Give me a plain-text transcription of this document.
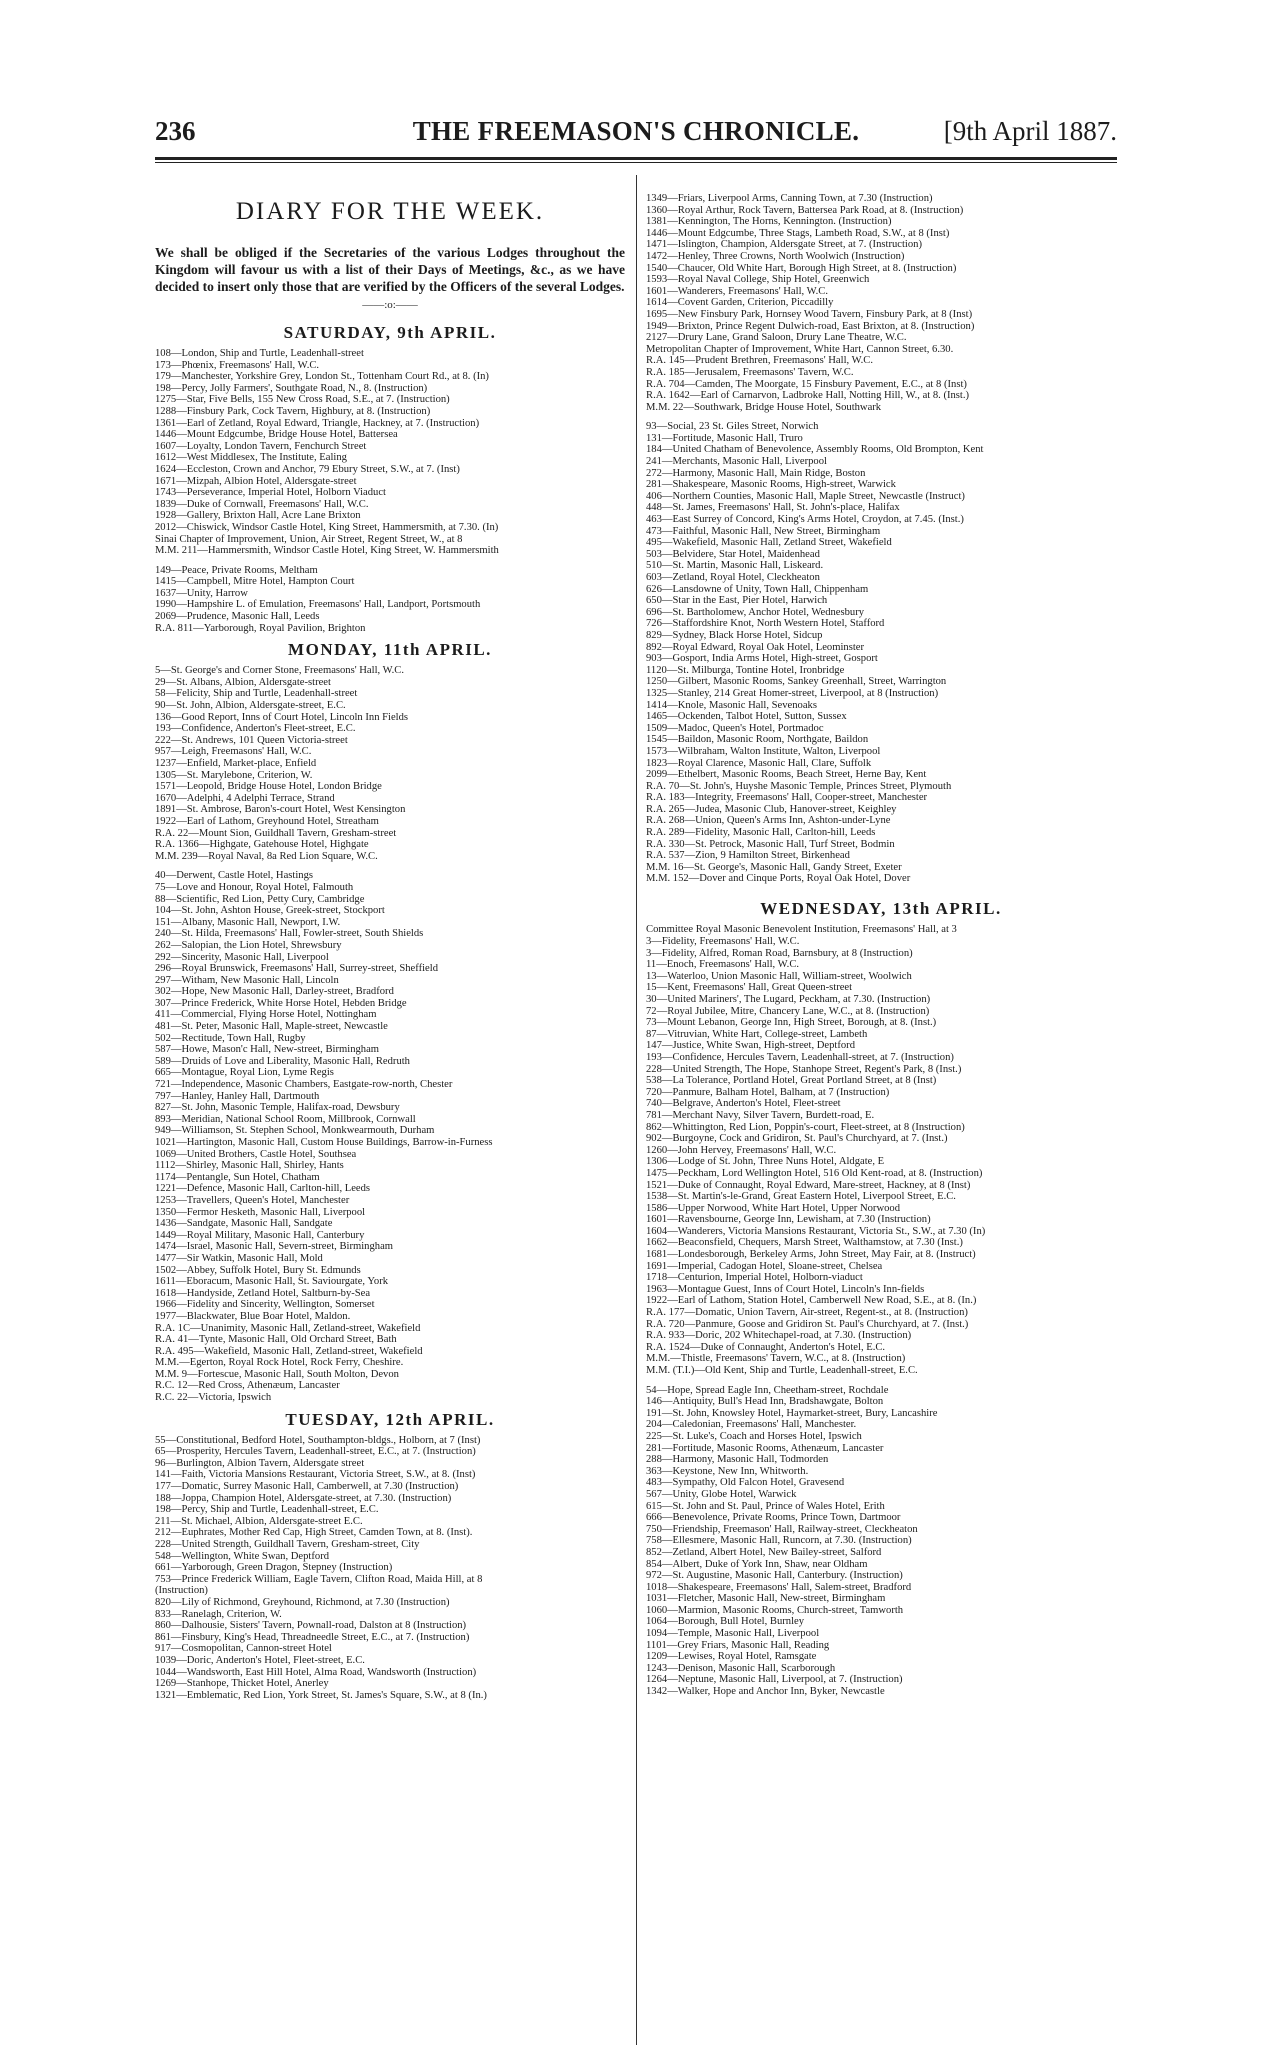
236	THE FREEMASON'S CHRONICLE.	[9th April 1887.
DIARY FOR THE WEEK.
We shall be obliged if the Secretaries of the various Lodges throughout the Kingdom will favour us with a list of their Days of Meetings, &c., as we have decided to insert only those that are verified by the Officers of the several Lodges.
——:o:——
SATURDAY, 9th APRIL.
108—London, Ship and Turtle, Leadenhall-street
173—Phœnix, Freemasons' Hall, W.C.
179—Manchester, Yorkshire Grey, London St., Tottenham Court Rd., at 8. (In)
198—Percy, Jolly Farmers', Southgate Road, N., 8. (Instruction)
1275—Star, Five Bells, 155 New Cross Road, S.E., at 7. (Instruction)
1288—Finsbury Park, Cock Tavern, Highbury, at 8. (Instruction)
1361—Earl of Zetland, Royal Edward, Triangle, Hackney, at 7. (Instruction)
1446—Mount Edgcumbe, Bridge House Hotel, Battersea
1607—Loyalty, London Tavern, Fenchurch Street
1612—West Middlesex, The Institute, Ealing
1624—Eccleston, Crown and Anchor, 79 Ebury Street, S.W., at 7. (Inst)
1671—Mizpah, Albion Hotel, Aldersgate-street
1743—Perseverance, Imperial Hotel, Holborn Viaduct
1839—Duke of Cornwall, Freemasons' Hall, W.C.
1928—Gallery, Brixton Hall, Acre Lane Brixton
2012—Chiswick, Windsor Castle Hotel, King Street, Hammersmith, at 7.30. (In)
Sinai Chapter of Improvement, Union, Air Street, Regent Street, W., at 8
M.M. 211—Hammersmith, Windsor Castle Hotel, King Street, W. Hammersmith
149—Peace, Private Rooms, Meltham
1415—Campbell, Mitre Hotel, Hampton Court
1637—Unity, Harrow
1990—Hampshire L. of Emulation, Freemasons' Hall, Landport, Portsmouth
2069—Prudence, Masonic Hall, Leeds
R.A. 811—Yarborough, Royal Pavilion, Brighton
MONDAY, 11th APRIL.
5—St. George's and Corner Stone, Freemasons' Hall, W.C.
29—St. Albans, Albion, Aldersgate-street
58—Felicity, Ship and Turtle, Leadenhall-street
90—St. John, Albion, Aldersgate-street, E.C.
136—Good Report, Inns of Court Hotel, Lincoln Inn Fields
193—Confidence, Anderton's Fleet-street, E.C.
222—St. Andrews, 101 Queen Victoria-street
957—Leigh, Freemasons' Hall, W.C.
1237—Enfield, Market-place, Enfield
1305—St. Marylebone, Criterion, W.
1571—Leopold, Bridge House Hotel, London Bridge
1670—Adelphi, 4 Adelphi Terrace, Strand
1891—St. Ambrose, Baron's-court Hotel, West Kensington
1922—Earl of Lathom, Greyhound Hotel, Streatham
R.A. 22—Mount Sion, Guildhall Tavern, Gresham-street
R.A. 1366—Highgate, Gatehouse Hotel, Highgate
M.M. 239—Royal Naval, 8a Red Lion Square, W.C.
40—Derwent, Castle Hotel, Hastings
75—Love and Honour, Royal Hotel, Falmouth
88—Scientific, Red Lion, Petty Cury, Cambridge
104—St. John, Ashton House, Greek-street, Stockport
151—Albany, Masonic Hall, Newport, I.W.
240—St. Hilda, Freemasons' Hall, Fowler-street, South Shields
262—Salopian, the Lion Hotel, Shrewsbury
292—Sincerity, Masonic Hall, Liverpool
296—Royal Brunswick, Freemasons' Hall, Surrey-street, Sheffield
297—Witham, New Masonic Hall, Lincoln
302—Hope, New Masonic Hall, Darley-street, Bradford
307—Prince Frederick, White Horse Hotel, Hebden Bridge
411—Commercial, Flying Horse Hotel, Nottingham
481—St. Peter, Masonic Hall, Maple-street, Newcastle
502—Rectitude, Town Hall, Rugby
587—Howe, Mason'c Hall, New-street, Birmingham
589—Druids of Love and Liberality, Masonic Hall, Redruth
665—Montague, Royal Lion, Lyme Regis
721—Independence, Masonic Chambers, Eastgate-row-north, Chester
797—Hanley, Hanley Hall, Dartmouth
827—St. John, Masonic Temple, Halifax-road, Dewsbury
893—Meridian, National School Room, Millbrook, Cornwall
949—Williamson, St. Stephen School, Monkwearmouth, Durham
1021—Hartington, Masonic Hall, Custom House Buildings, Barrow-in-Furness
1069—United Brothers, Castle Hotel, Southsea
1112—Shirley, Masonic Hall, Shirley, Hants
1174—Pentangle, Sun Hotel, Chatham
1221—Defence, Masonic Hall, Carlton-hill, Leeds
1253—Travellers, Queen's Hotel, Manchester
1350—Fermor Hesketh, Masonic Hall, Liverpool
1436—Sandgate, Masonic Hall, Sandgate
1449—Royal Military, Masonic Hall, Canterbury
1474—Israel, Masonic Hall, Severn-street, Birmingham
1477—Sir Watkin, Masonic Hall, Mold
1502—Abbey, Suffolk Hotel, Bury St. Edmunds
1611—Eboracum, Masonic Hall, St. Saviourgate, York
1618—Handyside, Zetland Hotel, Saltburn-by-Sea
1966—Fidelity and Sincerity, Wellington, Somerset
1977—Blackwater, Blue Boar Hotel, Maldon.
R.A. 1C—Unanimity, Masonic Hall, Zetland-street, Wakefield
R.A. 41—Tynte, Masonic Hall, Old Orchard Street, Bath
R.A. 495—Wakefield, Masonic Hall, Zetland-street, Wakefield
M.M.—Egerton, Royal Rock Hotel, Rock Ferry, Cheshire.
M.M. 9—Fortescue, Masonic Hall, South Molton, Devon
R.C. 12—Red Cross, Athenæum, Lancaster
R.C. 22—Victoria, Ipswich
TUESDAY, 12th APRIL.
55—Constitutional, Bedford Hotel, Southampton-bldgs., Holborn, at 7 (Inst)
65—Prosperity, Hercules Tavern, Leadenhall-street, E.C., at 7. (Instruction)
96—Burlington, Albion Tavern, Aldersgate street
141—Faith, Victoria Mansions Restaurant, Victoria Street, S.W., at 8. (Inst)
177—Domatic, Surrey Masonic Hall, Camberwell, at 7.30 (Instruction)
188—Joppa, Champion Hotel, Aldersgate-street, at 7.30. (Instruction)
198—Percy, Ship and Turtle, Leadenhall-street, E.C.
211—St. Michael, Albion, Aldersgate-street E.C.
212—Euphrates, Mother Red Cap, High Street, Camden Town, at 8. (Inst).
228—United Strength, Guildhall Tavern, Gresham-street, City
548—Wellington, White Swan, Deptford
661—Yarborough, Green Dragon, Stepney (Instruction)
753—Prince Frederick William, Eagle Tavern, Clifton Road, Maida Hill, at 8
(Instruction)
820—Lily of Richmond, Greyhound, Richmond, at 7.30 (Instruction)
833—Ranelagh, Criterion, W.
860—Dalhousie, Sisters' Tavern, Pownall-road, Dalston at 8 (Instruction)
861—Finsbury, King's Head, Threadneedle Street, E.C., at 7. (Instruction)
917—Cosmopolitan, Cannon-street Hotel
1039—Doric, Anderton's Hotel, Fleet-street, E.C.
1044—Wandsworth, East Hill Hotel, Alma Road, Wandsworth (Instruction)
1269—Stanhope, Thicket Hotel, Anerley
1321—Emblematic, Red Lion, York Street, St. James's Square, S.W., at 8 (In.)
1349—Friars, Liverpool Arms, Canning Town, at 7.30 (Instruction)
1360—Royal Arthur, Rock Tavern, Battersea Park Road, at 8. (Instruction)
1381—Kennington, The Horns, Kennington. (Instruction)
1446—Mount Edgcumbe, Three Stags, Lambeth Road, S.W., at 8 (Inst)
1471—Islington, Champion, Aldersgate Street, at 7. (Instruction)
1472—Henley, Three Crowns, North Woolwich (Instruction)
1540—Chaucer, Old White Hart, Borough High Street, at 8. (Instruction)
1593—Royal Naval College, Ship Hotel, Greenwich
1601—Wanderers, Freemasons' Hall, W.C.
1614—Covent Garden, Criterion, Piccadilly
1695—New Finsbury Park, Hornsey Wood Tavern, Finsbury Park, at 8 (Inst)
1949—Brixton, Prince Regent Dulwich-road, East Brixton, at 8. (Instruction)
2127—Drury Lane, Grand Saloon, Drury Lane Theatre, W.C.
Metropolitan Chapter of Improvement, White Hart, Cannon Street, 6.30.
R.A. 145—Prudent Brethren, Freemasons' Hall, W.C.
R.A. 185—Jerusalem, Freemasons' Tavern, W.C.
R.A. 704—Camden, The Moorgate, 15 Finsbury Pavement, E.C., at 8 (Inst)
R.A. 1642—Earl of Carnarvon, Ladbroke Hall, Notting Hill, W., at 8. (Inst.)
M.M. 22—Southwark, Bridge House Hotel, Southwark
93—Social, 23 St. Giles Street, Norwich
131—Fortitude, Masonic Hall, Truro
184—United Chatham of Benevolence, Assembly Rooms, Old Brompton, Kent
241—Merchants, Masonic Hall, Liverpool
272—Harmony, Masonic Hall, Main Ridge, Boston
281—Shakespeare, Masonic Rooms, High-street, Warwick
406—Northern Counties, Masonic Hall, Maple Street, Newcastle (Instruct)
448—St. James, Freemasons' Hall, St. John's-place, Halifax
463—East Surrey of Concord, King's Arms Hotel, Croydon, at 7.45. (Inst.)
473—Faithful, Masonic Hall, New Street, Birmingham
495—Wakefield, Masonic Hall, Zetland Street, Wakefield
503—Belvidere, Star Hotel, Maidenhead
510—St. Martin, Masonic Hall, Liskeard.
603—Zetland, Royal Hotel, Cleckheaton
626—Lansdowne of Unity, Town Hall, Chippenham
650—Star in the East, Pier Hotel, Harwich
696—St. Bartholomew, Anchor Hotel, Wednesbury
726—Staffordshire Knot, North Western Hotel, Stafford
829—Sydney, Black Horse Hotel, Sidcup
892—Royal Edward, Royal Oak Hotel, Leominster
903—Gosport, India Arms Hotel, High-street, Gosport
1120—St. Milburga, Tontine Hotel, Ironbridge
1250—Gilbert, Masonic Rooms, Sankey Greenhall, Street, Warrington
1325—Stanley, 214 Great Homer-street, Liverpool, at 8 (Instruction)
1414—Knole, Masonic Hall, Sevenoaks
1465—Ockenden, Talbot Hotel, Sutton, Sussex
1509—Madoc, Queen's Hotel, Portmadoc
1545—Baildon, Masonic Room, Northgate, Baildon
1573—Wilbraham, Walton Institute, Walton, Liverpool
1823—Royal Clarence, Masonic Hall, Clare, Suffolk
2099—Ethelbert, Masonic Rooms, Beach Street, Herne Bay, Kent
R.A. 70—St. John's, Huyshe Masonic Temple, Princes Street, Plymouth
R.A. 183—Integrity, Freemasons' Hall, Cooper-street, Manchester
R.A. 265—Judea, Masonic Club, Hanover-street, Keighley
R.A. 268—Union, Queen's Arms Inn, Ashton-under-Lyne
R.A. 289—Fidelity, Masonic Hall, Carlton-hill, Leeds
R.A. 330—St. Petrock, Masonic Hall, Turf Street, Bodmin
R.A. 537—Zion, 9 Hamilton Street, Birkenhead
M.M. 16—St. George's, Masonic Hall, Gandy Street, Exeter
M.M. 152—Dover and Cinque Ports, Royal Oak Hotel, Dover
WEDNESDAY, 13th APRIL.
Committee Royal Masonic Benevolent Institution, Freemasons' Hall, at 3
3—Fidelity, Freemasons' Hall, W.C.
3—Fidelity, Alfred, Roman Road, Barnsbury, at 8 (Instruction)
11—Enoch, Freemasons' Hall, W.C.
13—Waterloo, Union Masonic Hall, William-street, Woolwich
15—Kent, Freemasons' Hall, Great Queen-street
30—United Mariners', The Lugard, Peckham, at 7.30. (Instruction)
72—Royal Jubilee, Mitre, Chancery Lane, W.C., at 8. (Instruction)
73—Mount Lebanon, George Inn, High Street, Borough, at 8. (Inst.)
87—Vitruvian, White Hart, College-street, Lambeth
147—Justice, White Swan, High-street, Deptford
193—Confidence, Hercules Tavern, Leadenhall-street, at 7. (Instruction)
228—United Strength, The Hope, Stanhope Street, Regent's Park, 8 (Inst.)
538—La Tolerance, Portland Hotel, Great Portland Street, at 8 (Inst)
720—Panmure, Balham Hotel, Balham, at 7 (Instruction)
740—Belgrave, Anderton's Hotel, Fleet-street
781—Merchant Navy, Silver Tavern, Burdett-road, E.
862—Whittington, Red Lion, Poppin's-court, Fleet-street, at 8 (Instruction)
902—Burgoyne, Cock and Gridiron, St. Paul's Churchyard, at 7. (Inst.)
1260—John Hervey, Freemasons' Hall, W.C.
1306—Lodge of St. John, Three Nuns Hotel, Aldgate, E
1475—Peckham, Lord Wellington Hotel, 516 Old Kent-road, at 8. (Instruction)
1521—Duke of Connaught, Royal Edward, Mare-street, Hackney, at 8 (Inst)
1538—St. Martin's-le-Grand, Great Eastern Hotel, Liverpool Street, E.C.
1586—Upper Norwood, White Hart Hotel, Upper Norwood
1601—Ravensbourne, George Inn, Lewisham, at 7.30 (Instruction)
1604—Wanderers, Victoria Mansions Restaurant, Victoria St., S.W., at 7.30 (In)
1662—Beaconsfield, Chequers, Marsh Street, Walthamstow, at 7.30 (Inst.)
1681—Londesborough, Berkeley Arms, John Street, May Fair, at 8. (Instruct)
1691—Imperial, Cadogan Hotel, Sloane-street, Chelsea
1718—Centurion, Imperial Hotel, Holborn-viaduct
1963—Montague Guest, Inns of Court Hotel, Lincoln's Inn-fields
1922—Earl of Lathom, Station Hotel, Camberwell New Road, S.E., at 8. (In.)
R.A. 177—Domatic, Union Tavern, Air-street, Regent-st., at 8. (Instruction)
R.A. 720—Panmure, Goose and Gridiron St. Paul's Churchyard, at 7. (Inst.)
R.A. 933—Doric, 202 Whitechapel-road, at 7.30. (Instruction)
R.A. 1524—Duke of Connaught, Anderton's Hotel, E.C.
M.M.—Thistle, Freemasons' Tavern, W.C., at 8. (Instruction)
M.M. (T.I.)—Old Kent, Ship and Turtle, Leadenhall-street, E.C.
54—Hope, Spread Eagle Inn, Cheetham-street, Rochdale
146—Antiquity, Bull's Head Inn, Bradshawgate, Bolton
191—St. John, Knowsley Hotel, Haymarket-street, Bury, Lancashire
204—Caledonian, Freemasons' Hall, Manchester.
225—St. Luke's, Coach and Horses Hotel, Ipswich
281—Fortitude, Masonic Rooms, Athenæum, Lancaster
288—Harmony, Masonic Hall, Todmorden
363—Keystone, New Inn, Whitworth.
483—Sympathy, Old Falcon Hotel, Gravesend
567—Unity, Globe Hotel, Warwick
615—St. John and St. Paul, Prince of Wales Hotel, Erith
666—Benevolence, Private Rooms, Prince Town, Dartmoor
750—Friendship, Freemason' Hall, Railway-street, Cleckheaton
758—Ellesmere, Masonic Hall, Runcorn, at 7.30. (Instruction)
852—Zetland, Albert Hotel, New Bailey-street, Salford
854—Albert, Duke of York Inn, Shaw, near Oldham
972—St. Augustine, Masonic Hall, Canterbury. (Instruction)
1018—Shakespeare, Freemasons' Hall, Salem-street, Bradford
1031—Fletcher, Masonic Hall, New-street, Birmingham
1060—Marmion, Masonic Rooms, Church-street, Tamworth
1064—Borough, Bull Hotel, Burnley
1094—Temple, Masonic Hall, Liverpool
1101—Grey Friars, Masonic Hall, Reading
1209—Lewises, Royal Hotel, Ramsgate
1243—Denison, Masonic Hall, Scarborough
1264—Neptune, Masonic Hall, Liverpool, at 7. (Instruction)
1342—Walker, Hope and Anchor Inn, Byker, Newcastle
